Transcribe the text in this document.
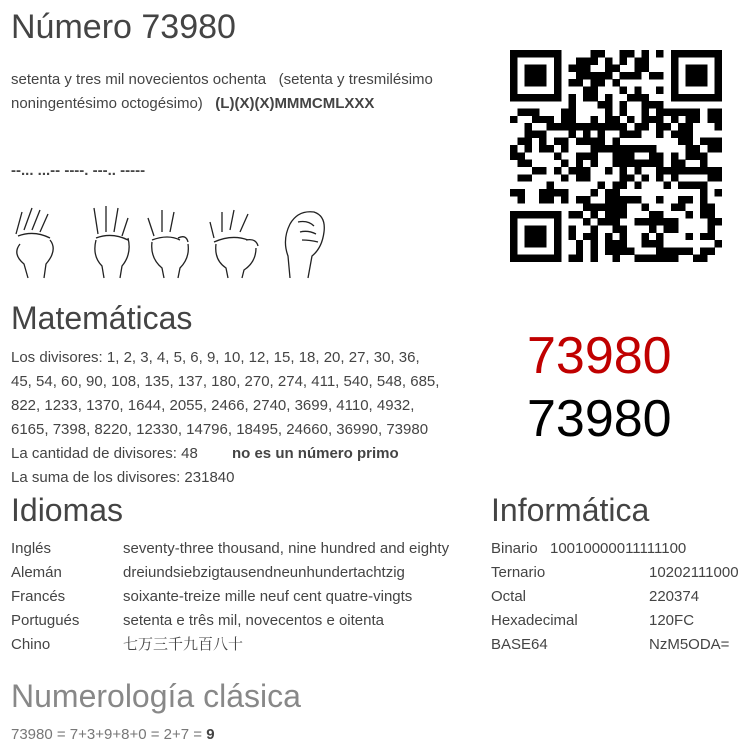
Número 73980
setenta y tres mil novecientos ochenta (setenta y tresmilésimo noningentésimo octogésimo) (L)(X)(X)MMMCMLXXX
--... ...-- ----. ---.. -----
Matemáticas
Los divisores: 1, 2, 3, 4, 5, 6, 9, 10, 12, 15, 18, 20, 27, 30, 36,
45, 54, 60, 90, 108, 135, 137, 180, 270, 274, 411, 540, 548, 685,
822, 1233, 1370, 1644, 2055, 2466, 2740, 3699, 4110, 4932,
6165, 7398, 8220, 12330, 14796, 18495, 24660, 36990, 73980
La cantidad de divisores: 48 no es un número primo
La suma de los divisores: 231840
73980
73980
Idiomas
Inglés	seventy-three thousand, nine hundred and eighty
Alemán	dreiundsiebzigtausendneunhundertachtzig
Francés	soixante-treize mille neuf cent quatre-vingts
Portugués	setenta e três mil, novecentos e oitenta
Chino	七万三千九百八十
Informática
Binario 10010000011111100
Ternario	10202111000
Octal	220374
Hexadecimal	120FC
BASE64	NzM5ODA=
Numerología clásica
73980 = 7+3+9+8+0 = 2+7 = 9
